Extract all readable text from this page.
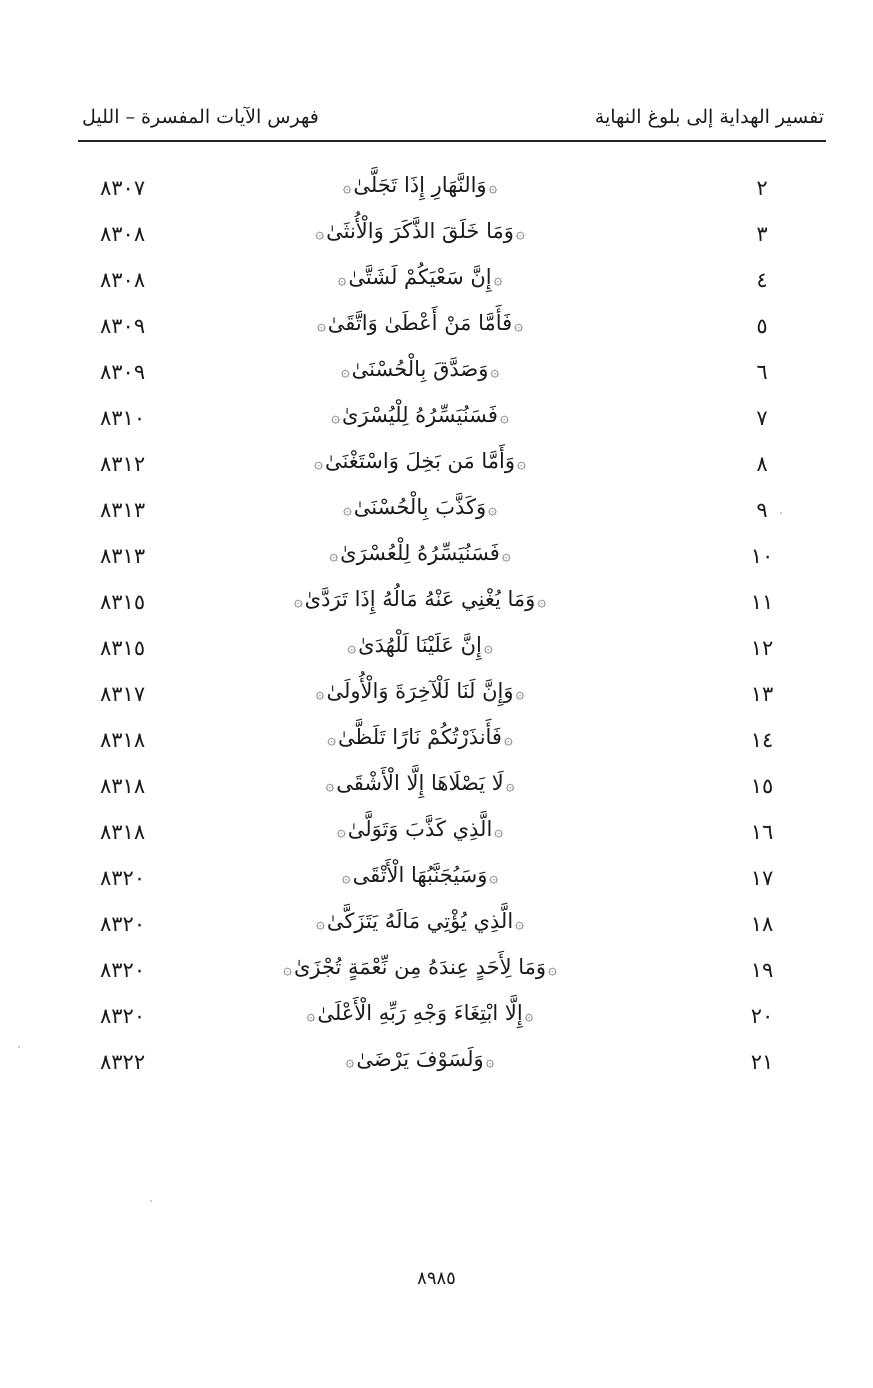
تفسير الهداية إلى بلوغ النهاية
فهرس الآيات المفسرة – الليل
٢
۞وَالنَّهَارِ إِذَا تَجَلَّىٰ۞
٨٣٠٧
٣
۞وَمَا خَلَقَ الذَّكَرَ وَالْأُنثَىٰ۞
٨٣٠٨
٤
۞إِنَّ سَعْيَكُمْ لَشَتَّىٰ۞
٨٣٠٨
٥
۞فَأَمَّا مَنْ أَعْطَىٰ وَاتَّقَىٰ۞
٨٣٠٩
٦
۞وَصَدَّقَ بِالْحُسْنَىٰ۞
٨٣٠٩
٧
۞فَسَنُيَسِّرُهُ لِلْيُسْرَىٰ۞
٨٣١٠
٨
۞وَأَمَّا مَن بَخِلَ وَاسْتَغْنَىٰ۞
٨٣١٢
٩
۞وَكَذَّبَ بِالْحُسْنَىٰ۞
٨٣١٣
١٠
۞فَسَنُيَسِّرُهُ لِلْعُسْرَىٰ۞
٨٣١٣
١١
۞وَمَا يُغْنِي عَنْهُ مَالُهُ إِذَا تَرَدَّىٰ۞
٨٣١٥
١٢
۞إِنَّ عَلَيْنَا لَلْهُدَىٰ۞
٨٣١٥
١٣
۞وَإِنَّ لَنَا لَلْآخِرَةَ وَالْأُولَىٰ۞
٨٣١٧
١٤
۞فَأَنذَرْتُكُمْ نَارًا تَلَظَّىٰ۞
٨٣١٨
١٥
۞لَا يَصْلَاهَا إِلَّا الْأَشْقَى۞
٨٣١٨
١٦
۞الَّذِي كَذَّبَ وَتَوَلَّىٰ۞
٨٣١٨
١٧
۞وَسَيُجَنَّبُهَا الْأَتْقَى۞
٨٣٢٠
١٨
۞الَّذِي يُؤْتِي مَالَهُ يَتَزَكَّىٰ۞
٨٣٢٠
١٩
۞وَمَا لِأَحَدٍ عِندَهُ مِن نِّعْمَةٍ تُجْزَىٰ۞
٨٣٢٠
٢٠
۞إِلَّا ابْتِغَاءَ وَجْهِ رَبِّهِ الْأَعْلَىٰ۞
٨٣٢٠
٢١
۞وَلَسَوْفَ يَرْضَىٰ۞
٨٣٢٢
٨٩٨٥
